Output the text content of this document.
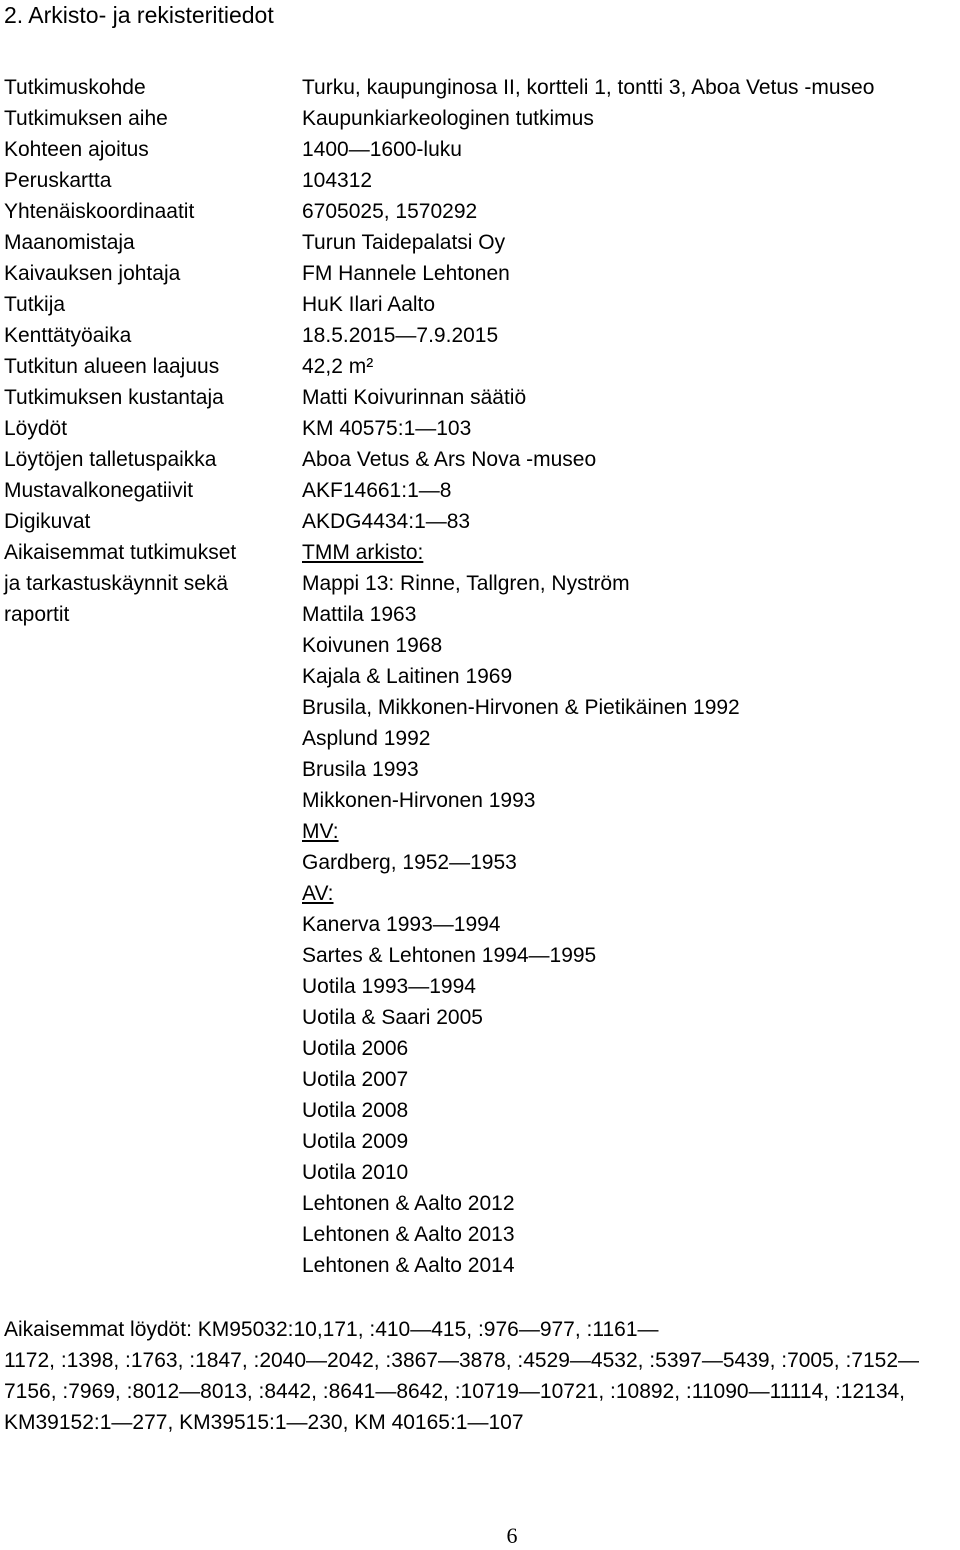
2. Arkisto- ja rekisteritiedot
Tutkimuskohde	Turku, kaupunginosa II, kortteli 1, tontti 3, Aboa Vetus -museo
Tutkimuksen aihe	Kaupunkiarkeologinen tutkimus
Kohteen ajoitus	1400—1600-luku
Peruskartta	104312
Yhtenäiskoordinaatit	6705025, 1570292
Maanomistaja	Turun Taidepalatsi Oy
Kaivauksen johtaja	FM Hannele Lehtonen
Tutkija	HuK Ilari Aalto
Kenttätyöaika	18.5.2015—7.9.2015
Tutkitun alueen laajuus	42,2 m²
Tutkimuksen kustantaja	Matti Koivurinnan säätiö
Löydöt	KM 40575:1—103
Löytöjen talletuspaikka	Aboa Vetus & Ars Nova -museo
Mustavalkonegatiivit	AKF14661:1—8
Digikuvat	AKDG4434:1—83
Aikaisemmat tutkimukset	TMM arkisto:
ja tarkastuskäynnit sekä	Mappi 13: Rinne, Tallgren, Nyström
raportit	Mattila 1963
Koivunen 1968
Kajala & Laitinen 1969
Brusila, Mikkonen-Hirvonen & Pietikäinen 1992
Asplund 1992
Brusila 1993
Mikkonen-Hirvonen 1993
MV:
Gardberg, 1952—1953
AV:
Kanerva 1993—1994
Sartes & Lehtonen 1994—1995
Uotila 1993—1994
Uotila & Saari 2005
Uotila 2006
Uotila 2007
Uotila 2008
Uotila 2009
Uotila 2010
Lehtonen & Aalto 2012
Lehtonen & Aalto 2013
Lehtonen & Aalto 2014
Aikaisemmat löydöt: KM95032:10,171, :410—415, :976—977, :1161—
1172, :1398, :1763, :1847, :2040—2042, :3867—3878, :4529—4532, :5397—5439, :7005, :7152—
7156, :7969, :8012—8013, :8442, :8641—8642, :10719—10721, :10892, :11090—11114, :12134,
KM39152:1—277, KM39515:1—230, KM 40165:1—107
6
